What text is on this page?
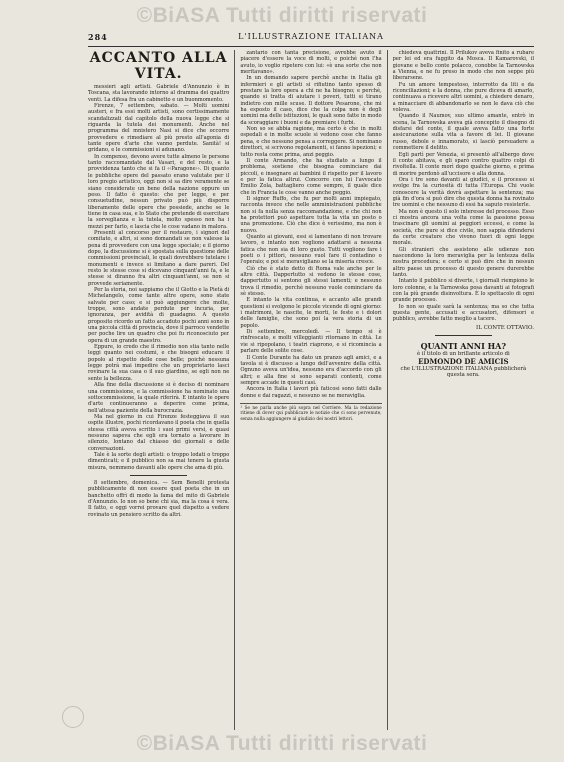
©BiASA Tutti diritti riservati
284	L'ILLUSTRAZIONE ITALIANA
ACCANTO ALLA VITA.

messieri agli artisti. Gabriele d'Annunzio è in Toscana, sta lavorando intorno al dramma dei quattro venti. La difesa fra un cabinetto e un buonmomento.

Firenze, 7 settembre, sabato. — Molti uomini austeri, e fra essi molti artisti, sono certissimamente scandalizzati dal capitolo della nuova legge che si riguarda la tutela dei monumenti. Anche nel programma del mnistero Nasi si dice che occorre provvedere e rimediare al più presto all'agonia di tante opere d'arte che vanno perdute. Sanità! si gridano, e le commissioni si adunano.

In compenso, devono avere tutte almeno le persone tanto raccomandate dal Vasari, e del resto, e la provvidenza tanto che si fa il ‹‹Paragone››. Di quanto le pubbliche opere del passato erano valutate per il loro pregio artistico, oggi non si sa dire veramente se siano considerate un bene della nazione oppure un peso. Il fatto è questo: che per legge, e per consuetudine, nessun privato può più disporre liberamente delle opere che possiede, anche se le tiene in casa sua, e lo Stato che pretende di esercitare la sorveglianza e la tutela, molto spesso non ha i mezzi per farlo, e lascia che le cose vadano in malora.

Presenti al concorso per il restauro, i signori del comitato, e altri, si sono domandati se non valesse la pena di provvedere con una legge speciale; e il giorno dopo, la discussione si è spostata sulla questione delle commissioni provinciali, le quali dovrebbero tutelare i monumenti e invece si limitano a dare pareri. Del resto le stesse cose si dicevano cinquant'anni fa, e le stesse si diranno fra altri cinquant'anni, se non si provvede seriamente.

Per la storia, noi sappiamo che il Giotto e la Pietà di Michelangelo, come tante altre opere, sono state salvate per caso; e si può aggiungere che molte, troppe, sono andate perdute per incuria, per ignoranza, per avidità di guadagno. A questo proposito ricordo un fatto accaduto pochi anni sono in una piccola città di provincia, dove il parroco vendette per poche lire un quadro che poi fu riconosciuto per opera di un grande maestro.

Eppure, io credo che il rimedio non stia tanto nelle leggi quanto nei costumi, e che bisogni educare il popolo al rispetto delle cose belle; poichè nessuna legge potrà mai impedire che un proprietario lasci rovinare la sua casa o il suo giardino, se egli non ne sente la bellezza.

Alla fine della discussione si è deciso di nominare una commissione, e la commissione ha nominato una sottocommissione, la quale riferirà. E intanto le opere d'arte continueranno a deperire come prima, nell'attesa paziente della burocrazia.

Ma nel giorno in cui Firenze festeggiava il suo ospite illustre, pochi ricordavano il poeta che in quella stessa città aveva scritto i suoi primi versi, e quasi nessuno sapeva che egli era tornato a lavorare in silenzio, lontano dal chiasso dei giornali e delle conversazioni.

Tale è la sorte degli artisti: o troppo lodati o troppo dimenticati; e il pubblico non sa mai tenere la giusta misura, nemmeno davanti alle opere che ama di più.

8 settembre, domenica. — Sem Benelli protesta pubblicamente di non essere quel poeta che in un banchetto offrì di modo la fama del mito di Gabriele d'Annunzio. Io non so bene chi sia, ma la cosa è vera. Il fatto, e oggi vorrei provare quel dispetto a vedere rovinato un pensiero scritto da altri.

zantario con tanta precisione, avrebbe avuto il piacere d'essere la voce di molti, e poichè non l'ha avuto, io voglio ripetere con lui: «è una sorte che non meritavano».

In un domando sapere perchè anche in Italia gli infermieri e gli artisti si rifiutino tanto spesso di prestare la loro opera a chi ne ha bisogno; e perchè, quando si tratta di aiutare i poveri, tutti si tirano indietro con mille scuse. Il dottore Pesarone, che mi ha esposto il caso, dice che la colpa non è degli uomini ma delle istituzioni, le quali sono fatte in modo da scoraggiare i buoni e da premiare i furbi.

Non so se abbia ragione, ma certo è che in molti ospedali e in molte scuole si vedono cose che fanno pena, e che nessuno pensa a correggere. Si nominano direttori, si scrivono regolamenti, si fanno ispezioni; e tutto resta come prima, anzi peggio.

Il conte Armando, che ha studiato a lungo il problema, sostiene che bisogna cominciare dai piccoli, e insegnare ai bambini il rispetto per il lavoro e per la fatica altrui. Concorre con lui l'avvocato Emilio Zola, battagliero come sempre, il quale dice che in Francia le cose vanno anche peggio.

Il signor Ruffo, che fu per molti anni impiegato, racconta invece che nelle amministrazioni pubbliche non si fa nulla senza raccomandazione, e che chi non ha protettori può aspettare tutta la vita un posto o una promozione. Ciò che dice è verissimo, ma non è nuovo.

Quanto ai giovani, essi si lamentano di non trovare lavoro, e intanto non vogliono adattarsi a nessuna fatica che non sia di loro gusto. Tutti vogliono fare i poeti o i pittori, nessuno vuol fare il contadino o l'operaio; e poi si meravigliano se la miseria cresce.

Ciò che è stato detto di Roma vale anche per le altre città. Dappertutto si vedono le stesse cose, dappertutto si sentono gli stessi lamenti; e nessuno trova il rimedio, perchè nessuno vuole cominciare da sè stesso.

E intanto la vita continua, e accanto alle grandi questioni si svolgono le piccole vicende di ogni giorno: i matrimoni, le nascite, le morti, le feste e i dolori delle famiglie, che sono poi la vera storia di un popolo.

Di settembre, mercoledì. — Il tempo si è rinfrescato, e molti villeggianti ritornano in città. Le vie si ripopolano, i teatri riaprono, e si ricomincia a parlare delle solite cose.

Il Conte Durante ha dato un pranzo agli amici, e a tavola si è discusso a lungo dell'avvenire della città. Ognuno aveva un'idea, nessuno era d'accordo con gli altri; e alla fine si sono separati contenti, come sempre accade in questi casi.

Ancora in Italia i lavori più faticosi sono fatti dalle donne e dai ragazzi, e nessuno se ne meraviglia.

¹ Se ne parla anche più sopra nel Corriere. Ma la redazione ritiene di dover qui pubblicare le notizie che ci sono pervenute, senza nulla aggiungere al giudizio dei nostri lettori.

chiedeva quattrini. Il Prilukov aveva finito a rubare per lei ed era fuggito da Mosca. Il Kamarovski, il giovane e bello conte polacco, conobbe la Tarnowska a Vienna, e ne fu preso in modo che non seppe più liberarsene.

Fu un amore tempestoso, interrotto da liti e da riconciliazioni; e la donna, che pure diceva di amarlo, continuava a ricevere altri uomini, a chiedere denaro, a minacciare di abbandonarlo se non le dava ciò che voleva.

Quando il Naumov, suo ultimo amante, entrò in scena, la Tarnowska aveva già concepito il disegno di disfarsi del conte, il quale aveva fatto una forte assicurazione sulla vita a favore di lei. Il giovane russo, debole e innamorato, si lasciò persuadere a commettere il delitto.

Egli partì per Venezia, si presentò all'albergo dove il conte abitava, e gli sparò contro quattro colpi di rivoltella. Il conte morì dopo qualche giorno, e prima di morire perdonò all'uccisore e alla donna.

Ora i tre sono davanti ai giudici, e il processo si svolge fra la curiosità di tutta l'Europa. Chi vuole conoscere la verità dovrà aspettare la sentenza; ma già fin d'ora si può dire che questa donna ha rovinato tre uomini e che nessuno di essi ha saputo resisterle.

Ma non è questo il solo interesse del processo. Esso ci mostra ancora una volta come la passione possa trascinare gli uomini ai peggiori eccessi, e come la società, che pure si dice civile, non sappia difendersi da certe creature che vivono fuori di ogni legge morale.

Gli stranieri che assistono alle udienze non nascondono la loro meraviglia per la lentezza della nostra procedura; e certo si può dire che in nessun altro paese un processo di questo genere durerebbe tanto.

Intanto il pubblico si diverte, i giornali riempiono le loro colonne, e la Tarnowska posa davanti ai fotografi con la più grande disinvoltura. È lo spettacolo di ogni grande processo.

Io non so quale sarà la sentenza; ma so che tutta questa gente, accusati e accusatori, difensori e pubblico, avrebbe fatto meglio a tacere.

IL CONTE OTTAVIO.
QUANTI ANNI HA?
è il titolo di un brillante articolo di
EDMONDO DE AMICIS
che L'ILLUSTRAZIONE ITALIANA pubblicherà questa sera.
©BiASA Tutti diritti riservati
